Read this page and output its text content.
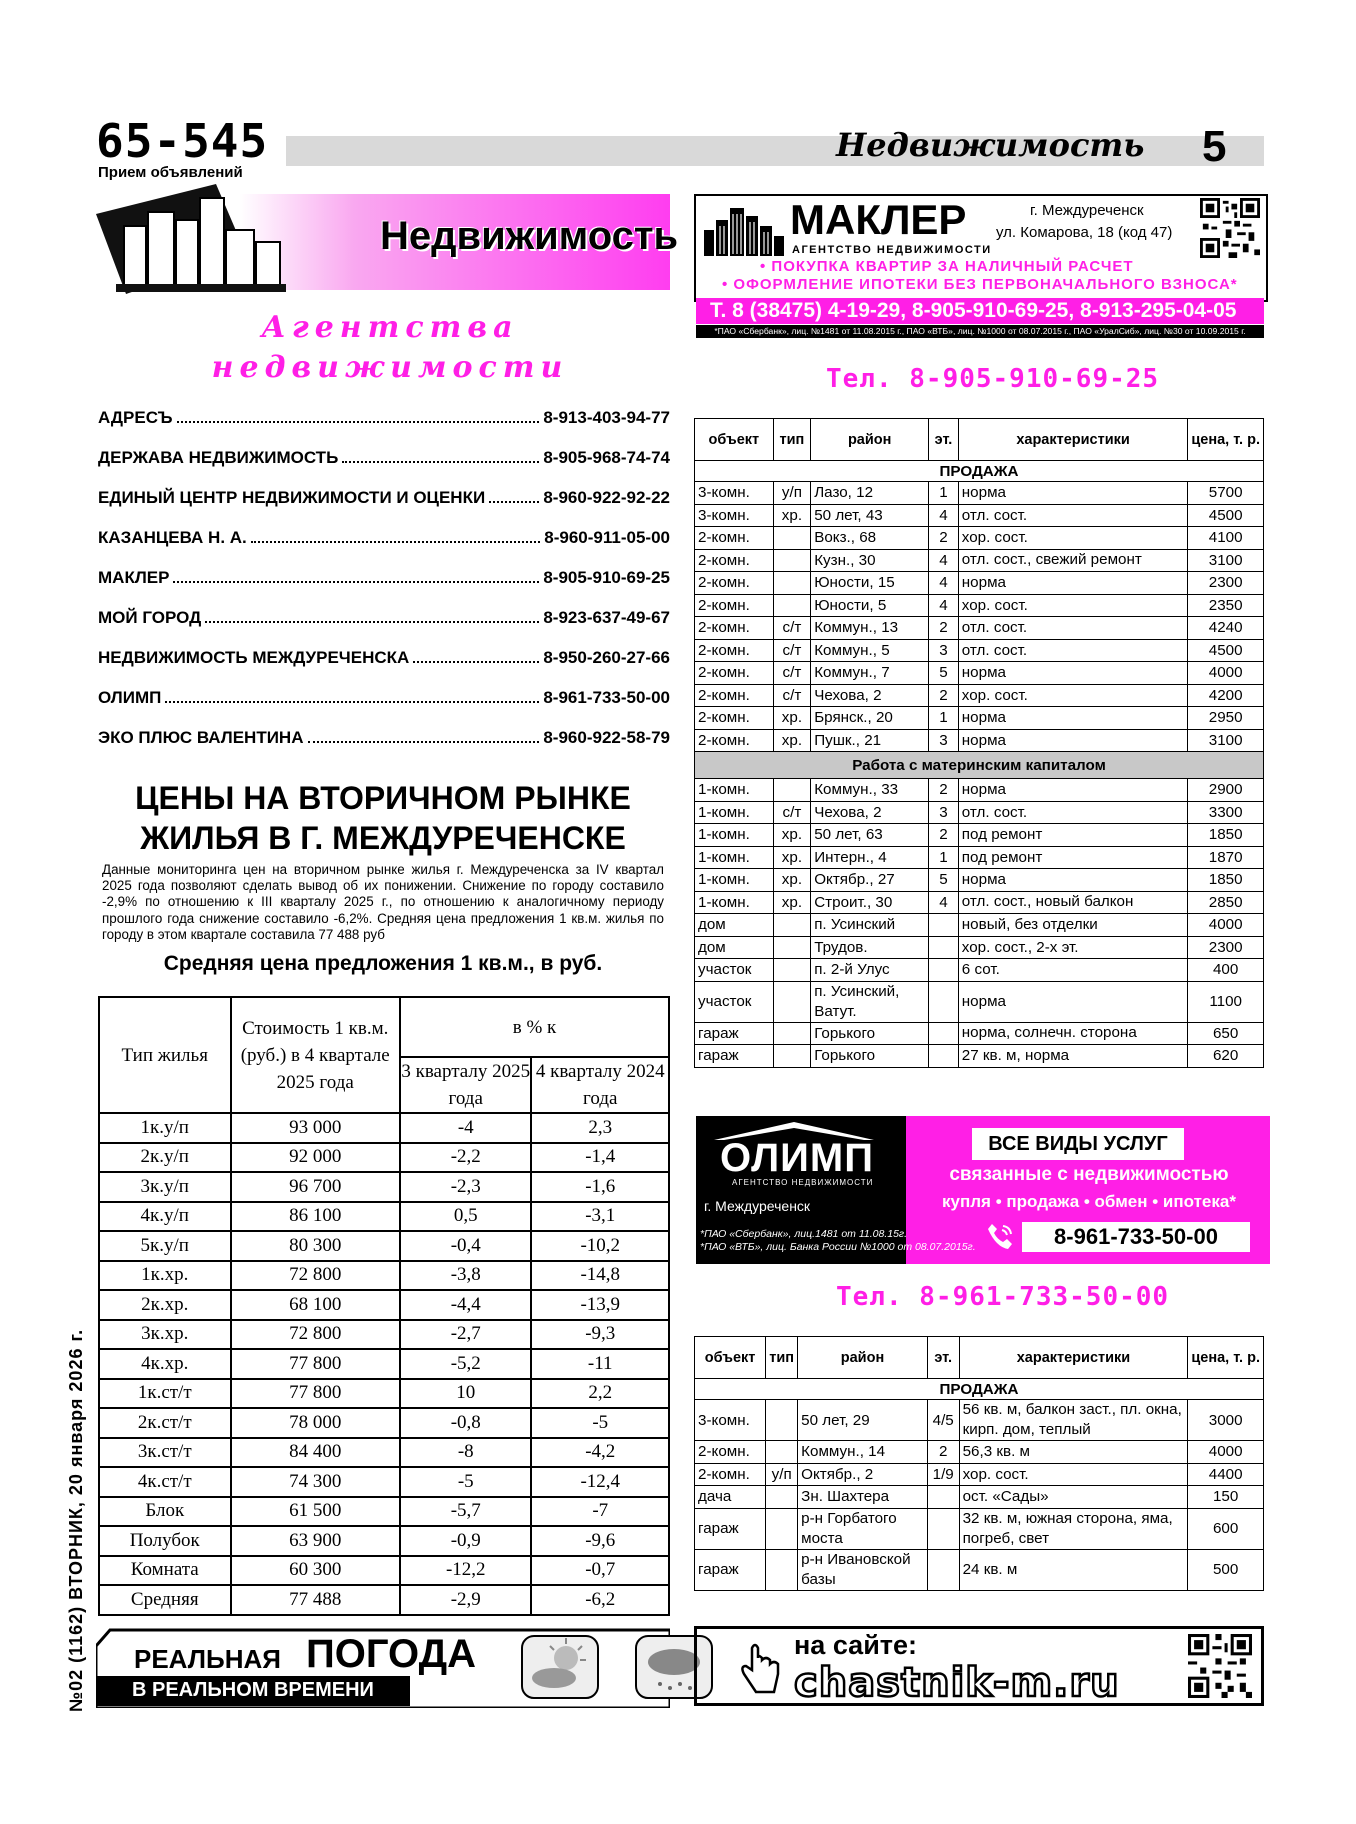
65-545
Прием объявлений
Недвижимость 5
Недвижимость
Агентства
недвижимости
АДРЕСЪ	8-913-403-94-77
ДЕРЖАВА НЕДВИЖИМОСТЬ	8-905-968-74-74
ЕДИНЫЙ ЦЕНТР НЕДВИЖИМОСТИ И ОЦЕНКИ	8-960-922-92-22
КАЗАНЦЕВА Н. А.	8-960-911-05-00
МАКЛЕР	8-905-910-69-25
МОЙ ГОРОД	8-923-637-49-67
НЕДВИЖИМОСТЬ МЕЖДУРЕЧЕНСКА	8-950-260-27-66
ОЛИМП	8-961-733-50-00
ЭКО ПЛЮС ВАЛЕНТИНА	8-960-922-58-79
ЦЕНЫ НА ВТОРИЧНОМ РЫНКЕ
ЖИЛЬЯ В Г. МЕЖДУРЕЧЕНСКЕ
Данные мониторинга цен на вторичном рынке жилья г. Междуреченска за IV квартал 2025 года позволяют сделать вывод об их понижении. Снижение по городу составило -2,9% по отношению к III кварталу 2025 г., по отношению к аналогичному периоду прошлого года снижение составило -6,2%. Средняя цена предложения 1 кв.м. жилья по городу в этом квартале составила 77 488 руб
Средняя цена предложения 1 кв.м., в руб.
Тип жилья	Стоимость 1 кв.м. (руб.) в 4 квартале 2025 года	в % к	
		3 кварталу 2025 года	4 кварталу 2024 года
1к.у/п	93 000	-4	2,3
2к.у/п	92 000	-2,2	-1,4
3к.у/п	96 700	-2,3	-1,6
4к.у/п	86 100	0,5	-3,1
5к.у/п	80 300	-0,4	-10,2
1к.хр.	72 800	-3,8	-14,8
2к.хр.	68 100	-4,4	-13,9
3к.хр.	72 800	-2,7	-9,3
4к.хр.	77 800	-5,2	-11
1к.ст/т	77 800	10	2,2
2к.ст/т	78 000	-0,8	-5
3к.ст/т	84 400	-8	-4,2
4к.ст/т	74 300	-5	-12,4
Блок	61 500	-5,7	-7
Полубок	63 900	-0,9	-9,6
Комната	60 300	-12,2	-0,7
Средняя	77 488	-2,9	-6,2
МАКЛЕР
АГЕНТСТВО НЕДВИЖИМОСТИ
г. Междуреченск
ул. Комарова, 18 (код 47)
• ПОКУПКА КВАРТИР ЗА НАЛИЧНЫЙ РАСЧЕТ
• ОФОРМЛЕНИЕ ИПОТЕКИ БЕЗ ПЕРВОНАЧАЛЬНОГО ВЗНОСА*
Т. 8 (38475) 4-19-29, 8-905-910-69-25, 8-913-295-04-05
*ПАО «Сбербанк», лиц. №1481 от 11.08.2015 г., ПАО «ВТБ», лиц. №1000 от 08.07.2015 г., ПАО «УралСиб», лиц. №30 от 10.09.2015 г.
Тел. 8-905-910-69-25
объект	тип	район	эт.	характеристики	цена, т. р.
ПРОДАЖА					
3-комн.	у/п	Лазо, 12	1	норма	5700
3-комн.	хр.	50 лет, 43	4	отл. сост.	4500
2-комн.		Вокз., 68	2	хор. сост.	4100
2-комн.		Кузн., 30	4	отл. сост., свежий ремонт	3100
2-комн.		Юности, 15	4	норма	2300
2-комн.		Юности, 5	4	хор. сост.	2350
2-комн.	с/т	Коммун., 13	2	отл. сост.	4240
2-комн.	с/т	Коммун., 5	3	отл. сост.	4500
2-комн.	с/т	Коммун., 7	5	норма	4000
2-комн.	с/т	Чехова, 2	2	хор. сост.	4200
2-комн.	хр.	Брянск., 20	1	норма	2950
2-комн.	хр.	Пушк., 21	3	норма	3100
Работа с материнским капиталом					
1-комн.		Коммун., 33	2	норма	2900
1-комн.	с/т	Чехова, 2	3	отл. сост.	3300
1-комн.	хр.	50 лет, 63	2	под ремонт	1850
1-комн.	хр.	Интерн., 4	1	под ремонт	1870
1-комн.	хр.	Октябр., 27	5	норма	1850
1-комн.	хр.	Строит., 30	4	отл. сост., новый балкон	2850
дом		п. Усинский		новый, без отделки	4000
дом		Трудов.		хор. сост., 2-х эт.	2300
участок		п. 2-й Улус		6 сот.	400
участок		п. Усинский, Ватут.		норма	1100
гараж		Горького		норма, солнечн. сторона	650
гараж		Горького		27 кв. м, норма	620
ОЛИМП
АГЕНТСТВО НЕДВИЖИМОСТИ
г. Междуреченск
ВСЕ ВИДЫ УСЛУГ
связанные с недвижимостью
купля • продажа • обмен • ипотека*
*ПАО «Сбербанк», лиц.1481 от 11.08.15г.
*ПАО «ВТБ», лиц. Банка России №1000 от 08.07.2015г.	8-961-733-50-00
Тел. 8-961-733-50-00
объект	тип	район	эт.	характеристики	цена, т. р.
ПРОДАЖА					
3-комн.		50 лет, 29	4/5	56 кв. м, балкон заст., пл. окна, кирп. дом, теплый	3000
2-комн.		Коммун., 14	2	56,3 кв. м	4000
2-комн.	у/п	Октябр., 2	1/9	хор. сост.	4400
дача		Зн. Шахтера		ост. «Сады»	150
гараж		р-н Горбатого моста		32 кв. м, южная сторона, яма, погреб, свет	600
гараж		р-н Ивановской базы		24 кв. м	500
№02 (1162) ВТОРНИК, 20 января 2026 г. РЕАЛЬНАЯ ПОГОДА
В РЕАЛЬНОМ ВРЕМЕНИ
на сайте:
chastnik-m.ru
